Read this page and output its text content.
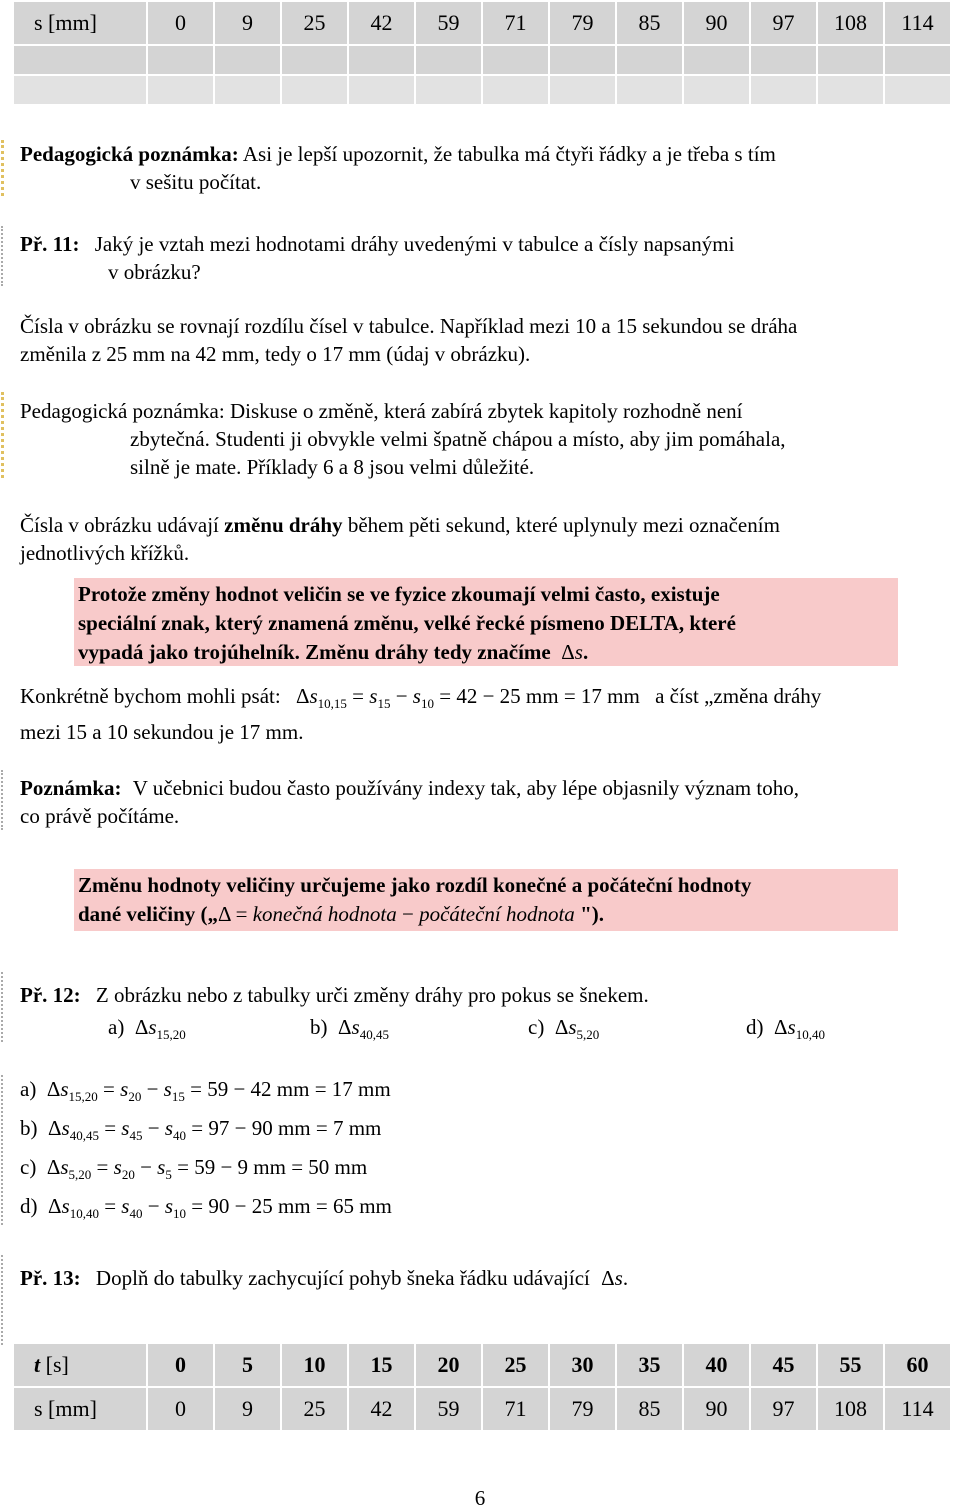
s [mm]	0	9	25	42	59	71	79	85	90	97	108	114

Pedagogická poznámka: Asi je lepší upozornit, že tabulka má čtyři řádky a je třeba s tím
v sešitu počítat.
Př. 11: Jaký je vztah mezi hodnotami dráhy uvedenými v tabulce a čísly napsanými
v obrázku?
Čísla v obrázku se rovnají rozdílu čísel v tabulce. Například mezi 10 a 15 sekundou se dráha
změnila z 25 mm na 42 mm, tedy o 17 mm (údaj v obrázku).
Pedagogická poznámka: Diskuse o změně, která zabírá zbytek kapitoly rozhodně není
zbytečná. Studenti ji obvykle velmi špatně chápou a místo, aby jim pomáhala,
silně je mate. Příklady 6 a 8 jsou velmi důležité.
Čísla v obrázku udávají změnu dráhy během pěti sekund, které uplynuly mezi označením
jednotlivých křížků.
Protože změny hodnot veličin se ve fyzice zkoumají velmi často, existuje
speciální znak, který znamená změnu, velké řecké písmeno DELTA, které
vypadá jako trojúhelník. Změnu dráhy tedy značíme Δs.
Konkrétně bychom mohli psát: $\Delta s_{10,15} = s_{15} - s_{10} = 42 - 25$ mm = 17 mm a číst „změna dráhy
mezi 15 a 10 sekundou je 17 mm.
Poznámka: V učebnici budou často používány indexy tak, aby lépe objasnily význam toho,
co právě počítáme.
Změnu hodnoty veličiny určujeme jako rozdíl konečné a počáteční hodnoty
dané veličiny („Δ = konečná hodnota − počáteční hodnota ").
Př. 12: Z obrázku nebo z tabulky urči změny dráhy pro pokus se šnekem.
a)  $\Delta s_{15,20}$	b)  $\Delta s_{40,45}$	c)  $\Delta s_{5,20}$	d)  $\Delta s_{10,40}$
a)  $\Delta s_{15,20} = s_{20} - s_{15} = 59 - 42$ mm = 17 mm
b)  $\Delta s_{40,45} = s_{45} - s_{40} = 97 - 90$ mm = 7 mm
c)  $\Delta s_{5,20} = s_{20} - s_5 = 59 - 9$ mm = 50 mm
d)  $\Delta s_{10,40} = s_{40} - s_{10} = 90 - 25$ mm = 65 mm
Př. 13: Doplň do tabulky zachycující pohyb šneka řádku udávající Δs.
t [s]	0	5	10	15	20	25	30	35	40	45	55	60
s [mm]	0	9	25	42	59	71	79	85	90	97	108	114
6
